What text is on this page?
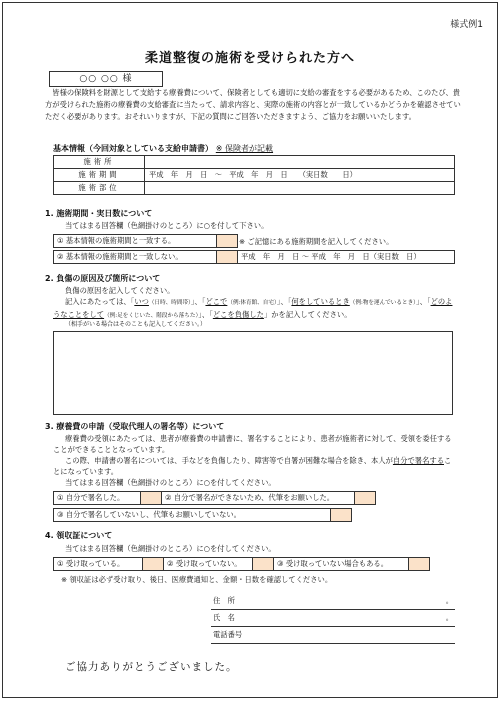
様式例1
柔道整復の施術を受けられた方へ
○○ ○○ 様
皆様の保険料を財源として支給する療養費について、保険者としても適切に支給の審査をする必要があるため、このたび、貴方が受けられた施術の療養費の支給審査に当たって、請求内容と、実際の施術の内容とが一致しているかどうかを確認させていただく必要があります。おそれいりますが、下記の質問にご回答いただきますよう、ご協力をお願いいたします。
基本情報（今回対象としている支給申請書） ※ 保険者が記載
施術所	
施術期間	平成　年　月　日　～　平成　年　月　日　　（実日数　　日）
施術部位	
1. 施術期間・実日数について
当てはまる回答欄（色網掛けのところ）に○を付して下さい。
① 基本情報の施術期間と一致する。		※ ご記憶にある施術期間を記入してください。
② 基本情報の施術期間と一致しない。		平成　年　月　日 ～ 平成　年　月　日（実日数　日）
2. 負傷の原因及び箇所について
負傷の原因を記入してください。
記入にあたっては、「いつ（日時、時間帯）」、「どこで（例:体育館、自宅）」、「何をしているとき（例:物を運んでいるとき）」、「どのようなことをして（例:足をくじいた、階段から落ちた）」、「どこを負傷した」かを記入してください。
（相手がいる場合はそのことも記入してください。）
3. 療養費の申請（受取代理人の署名等）について
療養費の受領にあたっては、患者が療養費の申請書に、署名することにより、患者が施術者に対して、受領を委任することができることとなっています。
この際、申請書の署名については、手などを負傷したり、障害等で自署が困難な場合を除き、本人が自分で署名することになっています。
当てはまる回答欄（色網掛けのところ）に○を付してください。
① 自分で署名した。		② 自分で署名ができないため、代筆をお願いした。	
③ 自分で署名していないし、代筆もお願いしていない。	
4. 領収証について
当てはまる回答欄（色網掛けのところ）に○を付してください。
① 受け取っている。		② 受け取っていない。		③ 受け取っていない場合もある。	
※ 領収証は必ず受け取り、後日、医療費通知と、金額・日数を確認してください。
住　所	。
氏　名	。
電話番号	
ご協力ありがとうございました。
